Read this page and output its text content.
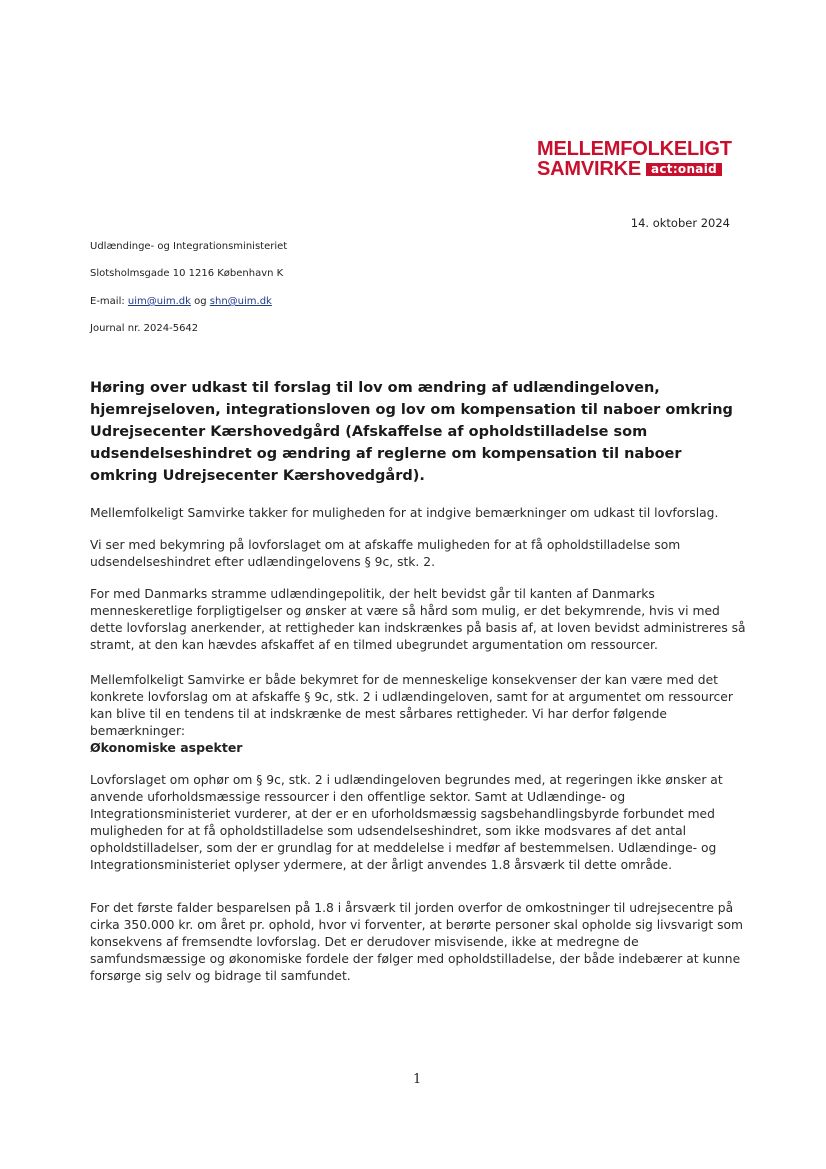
MELLEMFOLKELIGT
SAMVIRKE act:onaid
14. oktober 2024
Udlændinge- og Integrationsministeriet
Slotsholmsgade 10 1216 København K
E-mail: uim@uim.dk og shn@uim.dk
Journal nr. 2024-5642
Høring over udkast til forslag til lov om ændring af udlændingeloven, hjemrejseloven, integrationsloven og lov om kompensation til naboer omkring Udrejsecenter Kærshovedgård (Afskaffelse af opholdstilladelse som udsendelseshindret og ændring af reglerne om kompensation til naboer omkring Udrejsecenter Kærshovedgård).

Mellemfolkeligt Samvirke takker for muligheden for at indgive bemærkninger om udkast til lovforslag.

Vi ser med bekymring på lovforslaget om at afskaffe muligheden for at få opholdstilladelse som udsendelseshindret efter udlændingelovens § 9c, stk. 2.

For med Danmarks stramme udlændingepolitik, der helt bevidst går til kanten af Danmarks menneskeretlige forpligtigelser og ønsker at være så hård som mulig, er det bekymrende, hvis vi med dette lovforslag anerkender, at rettigheder kan indskrænkes på basis af, at loven bevidst administreres så stramt, at den kan hævdes afskaffet af en tilmed ubegrundet argumentation om ressourcer.

Mellemfolkeligt Samvirke er både bekymret for de menneskelige konsekvenser der kan være med det konkrete lovforslag om at afskaffe § 9c, stk. 2 i udlændingeloven, samt for at argumentet om ressourcer kan blive til en tendens til at indskrænke de mest sårbares rettigheder. Vi har derfor følgende bemærkninger:

Økonomiske aspekter

Lovforslaget om ophør om § 9c, stk. 2 i udlændingeloven begrundes med, at regeringen ikke ønsker at anvende uforholdsmæssige ressourcer i den offentlige sektor. Samt at Udlændinge- og Integrationsministeriet vurderer, at der er en uforholdsmæssig sagsbehandlingsbyrde forbundet med muligheden for at få opholdstilladelse som udsendelseshindret, som ikke modsvares af det antal opholdstilladelser, som der er grundlag for at meddelelse i medfør af bestemmelsen. Udlændinge- og Integrationsministeriet oplyser ydermere, at der årligt anvendes 1.8 årsværk til dette område.

For det første falder besparelsen på 1.8 i årsværk til jorden overfor de omkostninger til udrejsecentre på cirka 350.000 kr. om året pr. ophold, hvor vi forventer, at berørte personer skal opholde sig livsvarigt som konsekvens af fremsendte lovforslag. Det er derudover misvisende, ikke at medregne de samfundsmæssige og økonomiske fordele der følger med opholdstilladelse, der både indebærer at kunne forsørge sig selv og bidrage til samfundet.

1
